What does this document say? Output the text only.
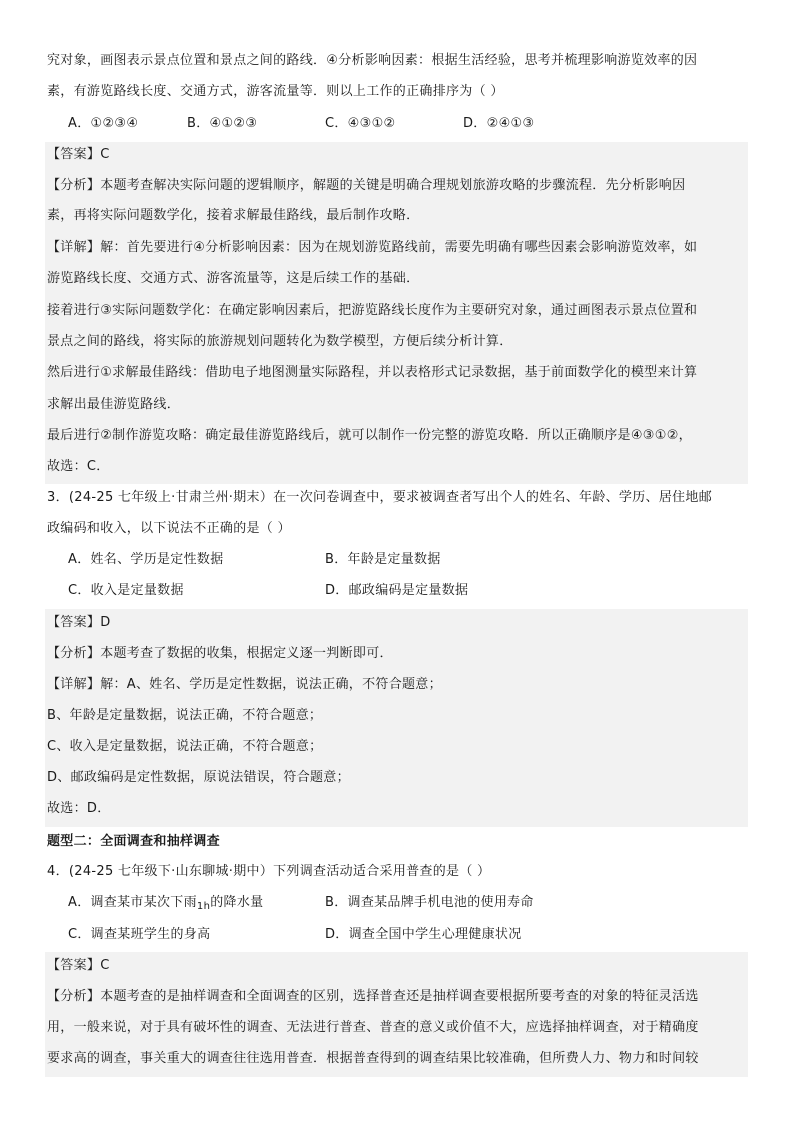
究对象，画图表示景点位置和景点之间的路线．④分析影响因素：根据生活经验，思考并梳理影响游览效率的因
素，有游览路线长度、交通方式，游客流量等．则以上工作的正确排序为（ ）
A．①②③④	B．④①②③	C．④③①②	D．②④①③
【答案】C
【分析】本题考查解决实际问题的逻辑顺序，解题的关键是明确合理规划旅游攻略的步骤流程．先分析影响因
素，再将实际问题数学化，接着求解最佳路线，最后制作攻略．
【详解】解：首先要进行④分析影响因素：因为在规划游览路线前，需要先明确有哪些因素会影响游览效率，如
游览路线长度、交通方式、游客流量等，这是后续工作的基础．
接着进行③实际问题数学化：在确定影响因素后，把游览路线长度作为主要研究对象，通过画图表示景点位置和
景点之间的路线，将实际的旅游规划问题转化为数学模型，方便后续分析计算．
然后进行①求解最佳路线：借助电子地图测量实际路程，并以表格形式记录数据，基于前面数学化的模型来计算
求解出最佳游览路线．
最后进行②制作游览攻略：确定最佳游览路线后，就可以制作一份完整的游览攻略．所以正确顺序是④③①②，
故选：C．
3．(24-25 七年级上·甘肃兰州·期末）在一次问卷调查中，要求被调查者写出个人的姓名、年龄、学历、居住地邮
政编码和收入，以下说法不正确的是（ ）
A．姓名、学历是定性数据	B．年龄是定量数据
C．收入是定量数据	D．邮政编码是定量数据
【答案】D
【分析】本题考查了数据的收集，根据定义逐一判断即可．
【详解】解：A、姓名、学历是定性数据，说法正确，不符合题意；
B、年龄是定量数据，说法正确，不符合题意；
C、收入是定量数据，说法正确，不符合题意；
D、邮政编码是定性数据，原说法错误，符合题意；
故选：D．
题型二：全面调查和抽样调查
4．(24-25 七年级下·山东聊城·期中）下列调查活动适合采用普查的是（ ）
A．调查某市某次下雨$_{1h}$的降水量	B．调查某品牌手机电池的使用寿命
C．调查某班学生的身高	D．调查全国中学生心理健康状况
【答案】C
【分析】本题考查的是抽样调查和全面调查的区别，选择普查还是抽样调查要根据所要考查的对象的特征灵活选
用，一般来说，对于具有破坏性的调查、无法进行普查、普查的意义或价值不大，应选择抽样调查，对于精确度
要求高的调查，事关重大的调查往往选用普查．根据普查得到的调查结果比较准确，但所费人力、物力和时间较
